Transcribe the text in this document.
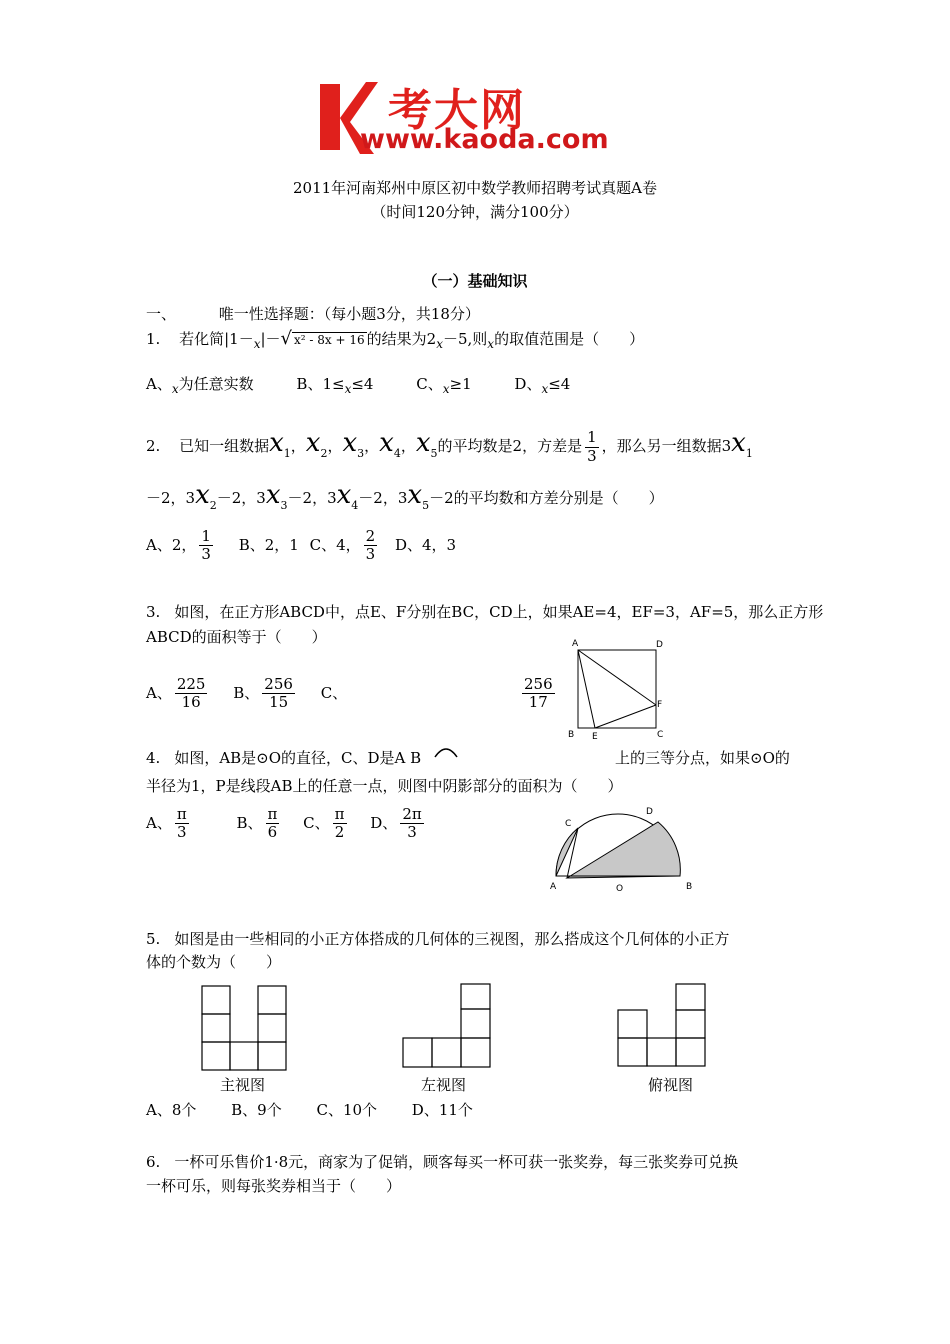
考大网
www.kaoda.com
2011年河南郑州中原区初中数学教师招聘考试真题A卷
（时间120分钟，满分100分）
（一）基础知识
一、	唯一性选择题：（每小题3分，共18分）
1. 若化简$|1-_x|-√$ x² - 8x + 16 的结果为$2_x-5$,则$_x$的取值范围是（　　）
A、$_x$为任意实数	B、$1\le_x\le 4$	C、$_x$≥1	D、$_x$≤4
2. 已知一组数据$x_1$，$x_2$，$x_3$，$x_4$，$x_5$的平均数是2，方差是 $\frac{1}{3}$ ，那么另一组数据$3x_1$
－2，$3x_2-2$，$3x_3-2$，$3x_4-2$，$3x_5-2$的平均数和方差分别是（　　）
A、2， $\frac{1}{3}$ B、2，1 C、4， $\frac{2}{3}$ D、4，3
3. 如图，在正方形ABCD中，点E、F分别在BC，CD上，如果AE=4，EF=3，AF=5，那么正方形
ABCD的面积等于（　　）
A、 $\frac{225}{16}$ B、 $\frac{256}{15}$ C、	$\frac{256}{17}$
A	D
B E
F
C
4. 如图，AB是⊙O的直径，C、D是A B	上的三等分点，如果⊙O的
半径为1，P是线段AB上的任意一点，则图中阴影部分的面积为（　　）
A、 $\frac{\pi}{3}$	B、 $\frac{\pi}{6}$ C、 $\frac{\pi}{2}$ D、 $\frac{2\pi}{3}$	C
D
A	O	B
5. 如图是由一些相同的小正方体搭成的几何体的三视图，那么搭成这个几何体的小正方
体的个数为（　　）
主视图	左视图	俯视图
A、8个　　 B、9个　　 C、10个　　 D、11个
6. 一杯可乐售价1·8元，商家为了促销，顾客每买一杯可获一张奖券，每三张奖券可兑换
一杯可乐，则每张奖券相当于（　　）
